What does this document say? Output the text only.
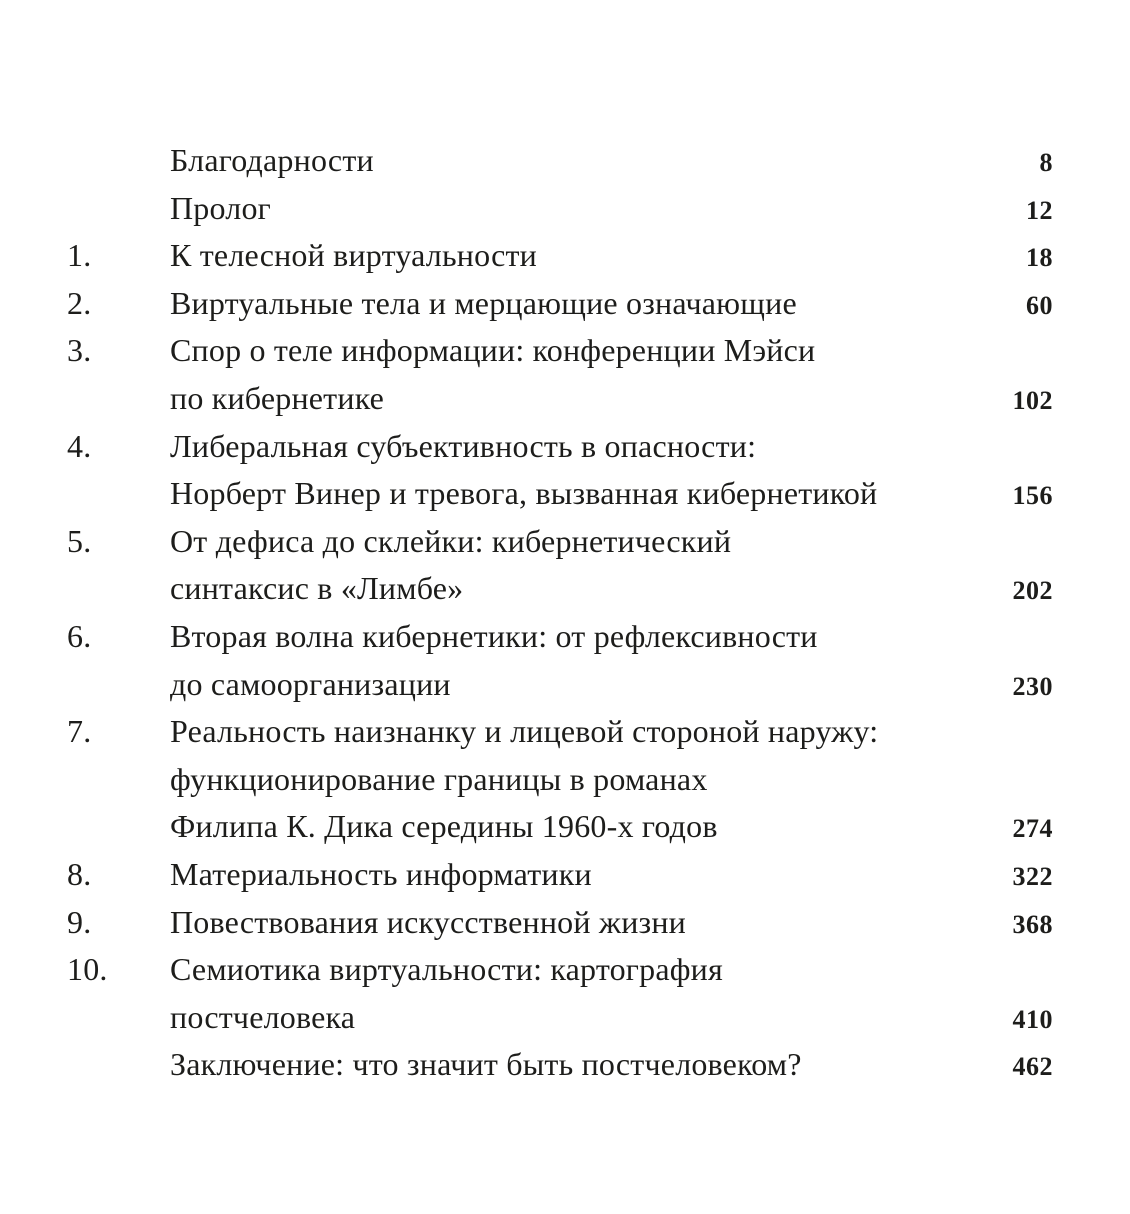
Благодарности	8
Пролог	12
1.	К телесной виртуальности	18
2.	Виртуальные тела и мерцающие означающие	60
3.	Спор о теле информации: конференции Мэйси
по кибернетике	102
4.	Либеральная субъективность в опасности:
Норберт Винер и тревога, вызванная кибернетикой	156
5.	От дефиса до склейки: кибернетический
синтаксис в «Лимбе»	202
6.	Вторая волна кибернетики: от рефлексивности
до самоорганизации	230
7.	Реальность наизнанку и лицевой стороной наружу:
функционирование границы в романах
Филипа К. Дика середины 1960-х годов	274
8.	Материальность информатики	322
9.	Повествования искусственной жизни	368
10.	Семиотика виртуальности: картография
постчеловека	410
Заключение: что значит быть постчеловеком?	462
